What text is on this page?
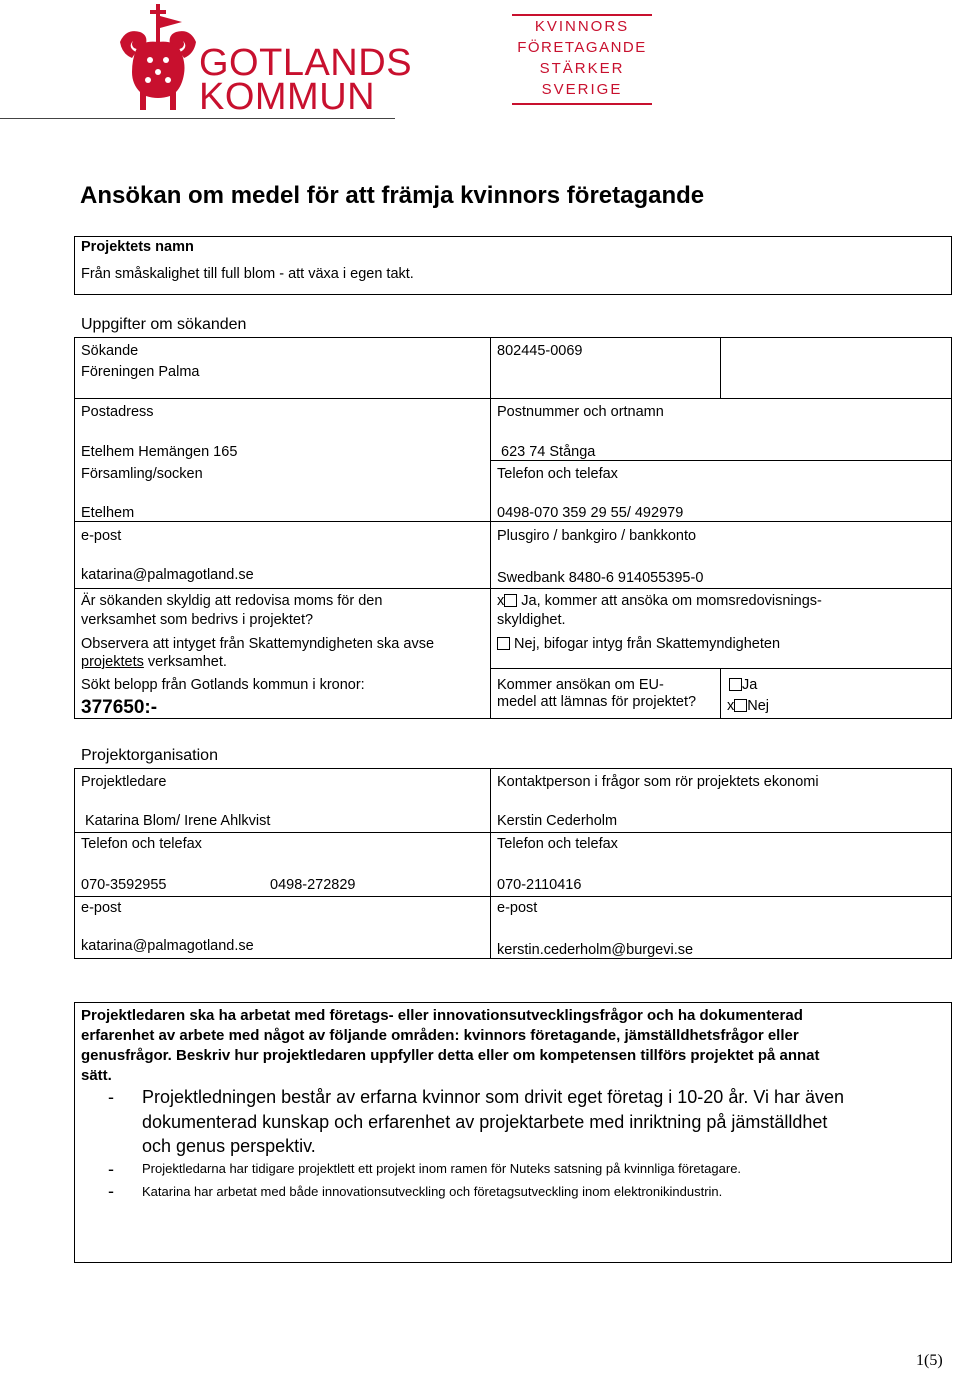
GOTLANDS
KOMMUN
KVINNORS
FÖRETAGANDE
STÄRKER
SVERIGE
Ansökan om medel för att främja kvinnors företagande
Projektets namn
Från småskalighet till full blom - att växa i egen takt.
Uppgifter om sökanden
Sökande
Föreningen Palma
802445-0069
Postadress
Etelhem Hemängen 165
Församling/socken
Etelhem
Postnummer och ortnamn
623 74 Stånga
Telefon och telefax
0498-070 359 29 55/ 492979
e-post
katarina@palmagotland.se
Plusgiro / bankgiro / bankkonto
Swedbank 8480-6 914055395-0
Är sökanden skyldig att redovisa moms för den
verksamhet som bedrivs i projektet?
Observera att intyget från Skattemyndigheten ska avse
projektets verksamhet.
x Ja, kommer att ansöka om momsredovisnings-
skyldighet.
Nej, bifogar intyg från Skattemyndigheten
Sökt belopp från Gotlands kommun i kronor:
377650:-
Kommer ansökan om EU-
medel att lämnas för projektet?
Ja
x Nej
Projektorganisation
Projektledare
Katarina Blom/ Irene Ahlkvist
Telefon och telefax
070-3592955	0498-272829
e-post
katarina@palmagotland.se
Kontaktperson i frågor som rör projektets ekonomi
Kerstin Cederholm
Telefon och telefax
070-2110416
e-post
kerstin.cederholm@burgevi.se
Projektledaren ska ha arbetat med företags- eller innovationsutvecklingsfrågor och ha dokumenterad
erfarenhet av arbete med något av följande områden: kvinnors företagande, jämställdhetsfrågor eller
genusfrågor. Beskriv hur projektledaren uppfyller detta eller om kompetensen tillförs projektet på annat
sätt.
- Projektledningen består av erfarna kvinnor som drivit eget företag i 10-20 år. Vi har även
dokumenterad kunskap och erfarenhet av projektarbete med inriktning på jämställdhet
och genus perspektiv.
- Projektledarna har tidigare projektlett ett projekt inom ramen för Nuteks satsning på kvinnliga företagare.
- Katarina har arbetat med både innovationsutveckling och företagsutveckling inom elektronikindustrin.
1(5)
